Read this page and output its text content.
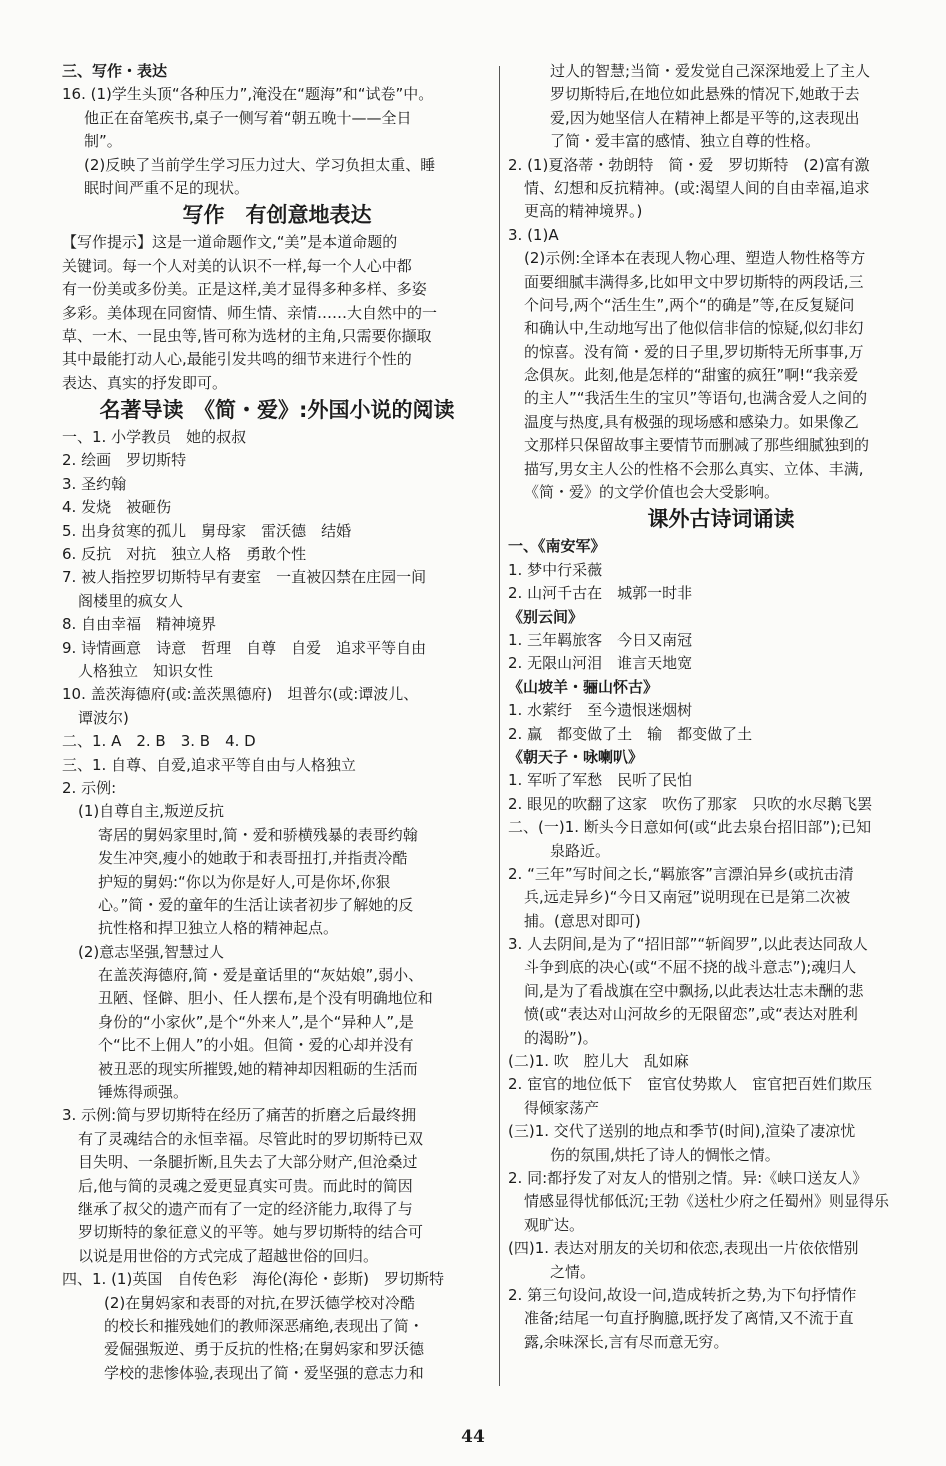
三、写作・表达
16. (1)学生头顶“各种压力”,淹没在“题海”和“试卷”中。
他正在奋笔疾书,桌子一侧写着“朝五晚十——全日
制”。
(2)反映了当前学生学习压力过大、学习负担太重、睡
眠时间严重不足的现状。
写作　有创意地表达
【写作提示】这是一道命题作文,“美”是本道命题的
关键词。每一个人对美的认识不一样,每一个人心中都
有一份美或多份美。正是这样,美才显得多种多样、多姿
多彩。美体现在同窗情、师生情、亲情……大自然中的一
草、一木、一昆虫等,皆可称为选材的主角,只需要你撷取
其中最能打动人心,最能引发共鸣的细节来进行个性的
表达、真实的抒发即可。
名著导读　《简・爱》:外国小说的阅读
一、1. 小学教员　她的叔叔
2. 绘画　罗切斯特
3. 圣约翰
4. 发烧　被砸伤
5. 出身贫寒的孤儿　舅母家　雷沃德　结婚
6. 反抗　对抗　独立人格　勇敢个性
7. 被人指控罗切斯特早有妻室　一直被囚禁在庄园一间
阁楼里的疯女人
8. 自由幸福　精神境界
9. 诗情画意　诗意　哲理　自尊　自爱　追求平等自由
人格独立　知识女性
10. 盖茨海德府(或:盖茨黑德府)　坦普尔(或:谭波儿、
谭波尔)
二、1. A　2. B　3. B　4. D
三、1. 自尊、自爱,追求平等自由与人格独立
2. 示例:
(1)自尊自主,叛逆反抗
寄居的舅妈家里时,简・爱和骄横残暴的表哥约翰
发生冲突,瘦小的她敢于和表哥扭打,并指责冷酷
护短的舅妈:“你以为你是好人,可是你坏,你狠
心。”简・爱的童年的生活让读者初步了解她的反
抗性格和捍卫独立人格的精神起点。
(2)意志坚强,智慧过人
在盖茨海德府,简・爱是童话里的“灰姑娘”,弱小、
丑陋、怪僻、胆小、任人摆布,是个没有明确地位和
身份的“小家伙”,是个“外来人”,是个“异种人”,是
个“比不上佣人”的小姐。但简・爱的心却并没有
被丑恶的现实所摧毁,她的精神却因粗砺的生活而
锤炼得顽强。
3. 示例:简与罗切斯特在经历了痛苦的折磨之后最终拥
有了灵魂结合的永恒幸福。尽管此时的罗切斯特已双
目失明、一条腿折断,且失去了大部分财产,但沧桑过
后,他与简的灵魂之爱更显真实可贵。而此时的简因
继承了叔父的遗产而有了一定的经济能力,取得了与
罗切斯特的象征意义的平等。她与罗切斯特的结合可
以说是用世俗的方式完成了超越世俗的回归。
四、1. (1)英国　自传色彩　海伦(海伦・彭斯)　罗切斯特
(2)在舅妈家和表哥的对抗,在罗沃德学校对冷酷
的校长和摧残她们的教师深恶痛绝,表现出了简・
爱倔强叛逆、勇于反抗的性格;在舅妈家和罗沃德
学校的悲惨体验,表现出了简・爱坚强的意志力和
过人的智慧;当简・爱发觉自己深深地爱上了主人
罗切斯特后,在地位如此悬殊的情况下,她敢于去
爱,因为她坚信人在精神上都是平等的,这表现出
了简・爱丰富的感情、独立自尊的性格。
2. (1)夏洛蒂・勃朗特　简・爱　罗切斯特　(2)富有激
情、幻想和反抗精神。(或:渴望人间的自由幸福,追求
更高的精神境界。)
3. (1)A
(2)示例:全译本在表现人物心理、塑造人物性格等方
面要细腻丰满得多,比如甲文中罗切斯特的两段话,三
个问号,两个“活生生”,两个“的确是”等,在反复疑问
和确认中,生动地写出了他似信非信的惊疑,似幻非幻
的惊喜。没有简・爱的日子里,罗切斯特无所事事,万
念俱灰。此刻,他是怎样的“甜蜜的疯狂”啊!“我亲爱
的主人”“我活生生的宝贝”等语句,也满含爱人之间的
温度与热度,具有极强的现场感和感染力。如果像乙
文那样只保留故事主要情节而删减了那些细腻独到的
描写,男女主人公的性格不会那么真实、立体、丰满,
《简・爱》的文学价值也会大受影响。
课外古诗词诵读
一、《南安军》
1. 梦中行采薇
2. 山河千古在　城郭一时非
《别云间》
1. 三年羁旅客　今日又南冠
2. 无限山河泪　谁言天地宽
《山坡羊・骊山怀古》
1. 水萦纡　至今遗恨迷烟树
2. 赢　都变做了土　输　都变做了土
《朝天子・咏喇叭》
1. 军听了军愁　民听了民怕
2. 眼见的吹翻了这家　吹伤了那家　只吹的水尽鹅飞罢
二、(一)1. 断头今日意如何(或“此去泉台招旧部”);已知
泉路近。
2. “三年”写时间之长,“羁旅客”言漂泊异乡(或抗击清
兵,远走异乡)“今日又南冠”说明现在已是第二次被
捕。(意思对即可)
3. 人去阴间,是为了“招旧部”“斩阎罗”,以此表达同敌人
斗争到底的决心(或“不屈不挠的战斗意志”);魂归人
间,是为了看战旗在空中飘扬,以此表达壮志未酬的悲
愤(或“表达对山河故乡的无限留恋”,或“表达对胜利
的渴盼”)。
(二)1. 吹　腔儿大　乱如麻
2. 宦官的地位低下　宦官仗势欺人　宦官把百姓们欺压
得倾家荡产
(三)1. 交代了送别的地点和季节(时间),渲染了凄凉忧
伤的氛围,烘托了诗人的惆怅之情。
2. 同:都抒发了对友人的惜别之情。异:《峡口送友人》
情感显得忧郁低沉;王勃《送杜少府之任蜀州》则显得乐
观旷达。
(四)1. 表达对朋友的关切和依恋,表现出一片依依惜别
之情。
2. 第三句设问,故设一问,造成转折之势,为下句抒情作
准备;结尾一句直抒胸臆,既抒发了离情,又不流于直
露,余味深长,言有尽而意无穷。
44
